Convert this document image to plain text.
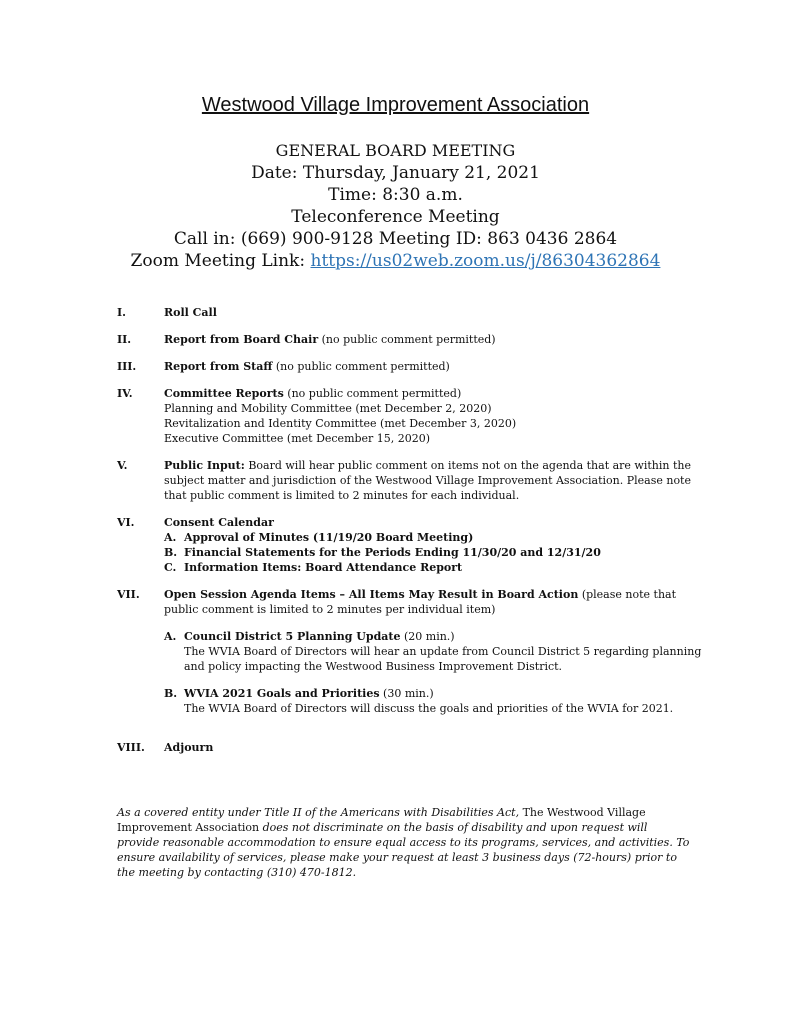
Westwood Village Improvement Association
GENERAL BOARD MEETING
Date: Thursday, January 21, 2021
Time: 8:30 a.m.
Teleconference Meeting
Call in: (669) 900-9128 Meeting ID: 863 0436 2864
Zoom Meeting Link: https://us02web.zoom.us/j/86304362864
I.	Roll Call
II.	Report from Board Chair (no public comment permitted)
III.	Report from Staff (no public comment permitted)
IV.	Committee Reports (no public comment permitted)
Planning and Mobility Committee (met December 2, 2020)
Revitalization and Identity Committee (met December 3, 2020)
Executive Committee (met December 15, 2020)
V.	Public Input: Board will hear public comment on items not on the agenda that are within the subject matter and jurisdiction of the Westwood Village Improvement Association. Please note that public comment is limited to 2 minutes for each individual.
VI.	Consent Calendar
A. Approval of Minutes (11/19/20 Board Meeting)
B. Financial Statements for the Periods Ending 11/30/20 and 12/31/20
C. Information Items: Board Attendance Report
VII. Open Session Agenda Items – All Items May Result in Board Action (please note that public comment is limited to 2 minutes per individual item)
A. Council District 5 Planning Update (20 min.)
The WVIA Board of Directors will hear an update from Council District 5 regarding planning and policy impacting the Westwood Business Improvement District.
B. WVIA 2021 Goals and Priorities (30 min.)
The WVIA Board of Directors will discuss the goals and priorities of the WVIA for 2021.
VIII. Adjourn
As a covered entity under Title II of the Americans with Disabilities Act, The Westwood Village Improvement Association does not discriminate on the basis of disability and upon request will provide reasonable accommodation to ensure equal access to its programs, services, and activities. To ensure availability of services, please make your request at least 3 business days (72-hours) prior to the meeting by contacting (310) 470-1812.
